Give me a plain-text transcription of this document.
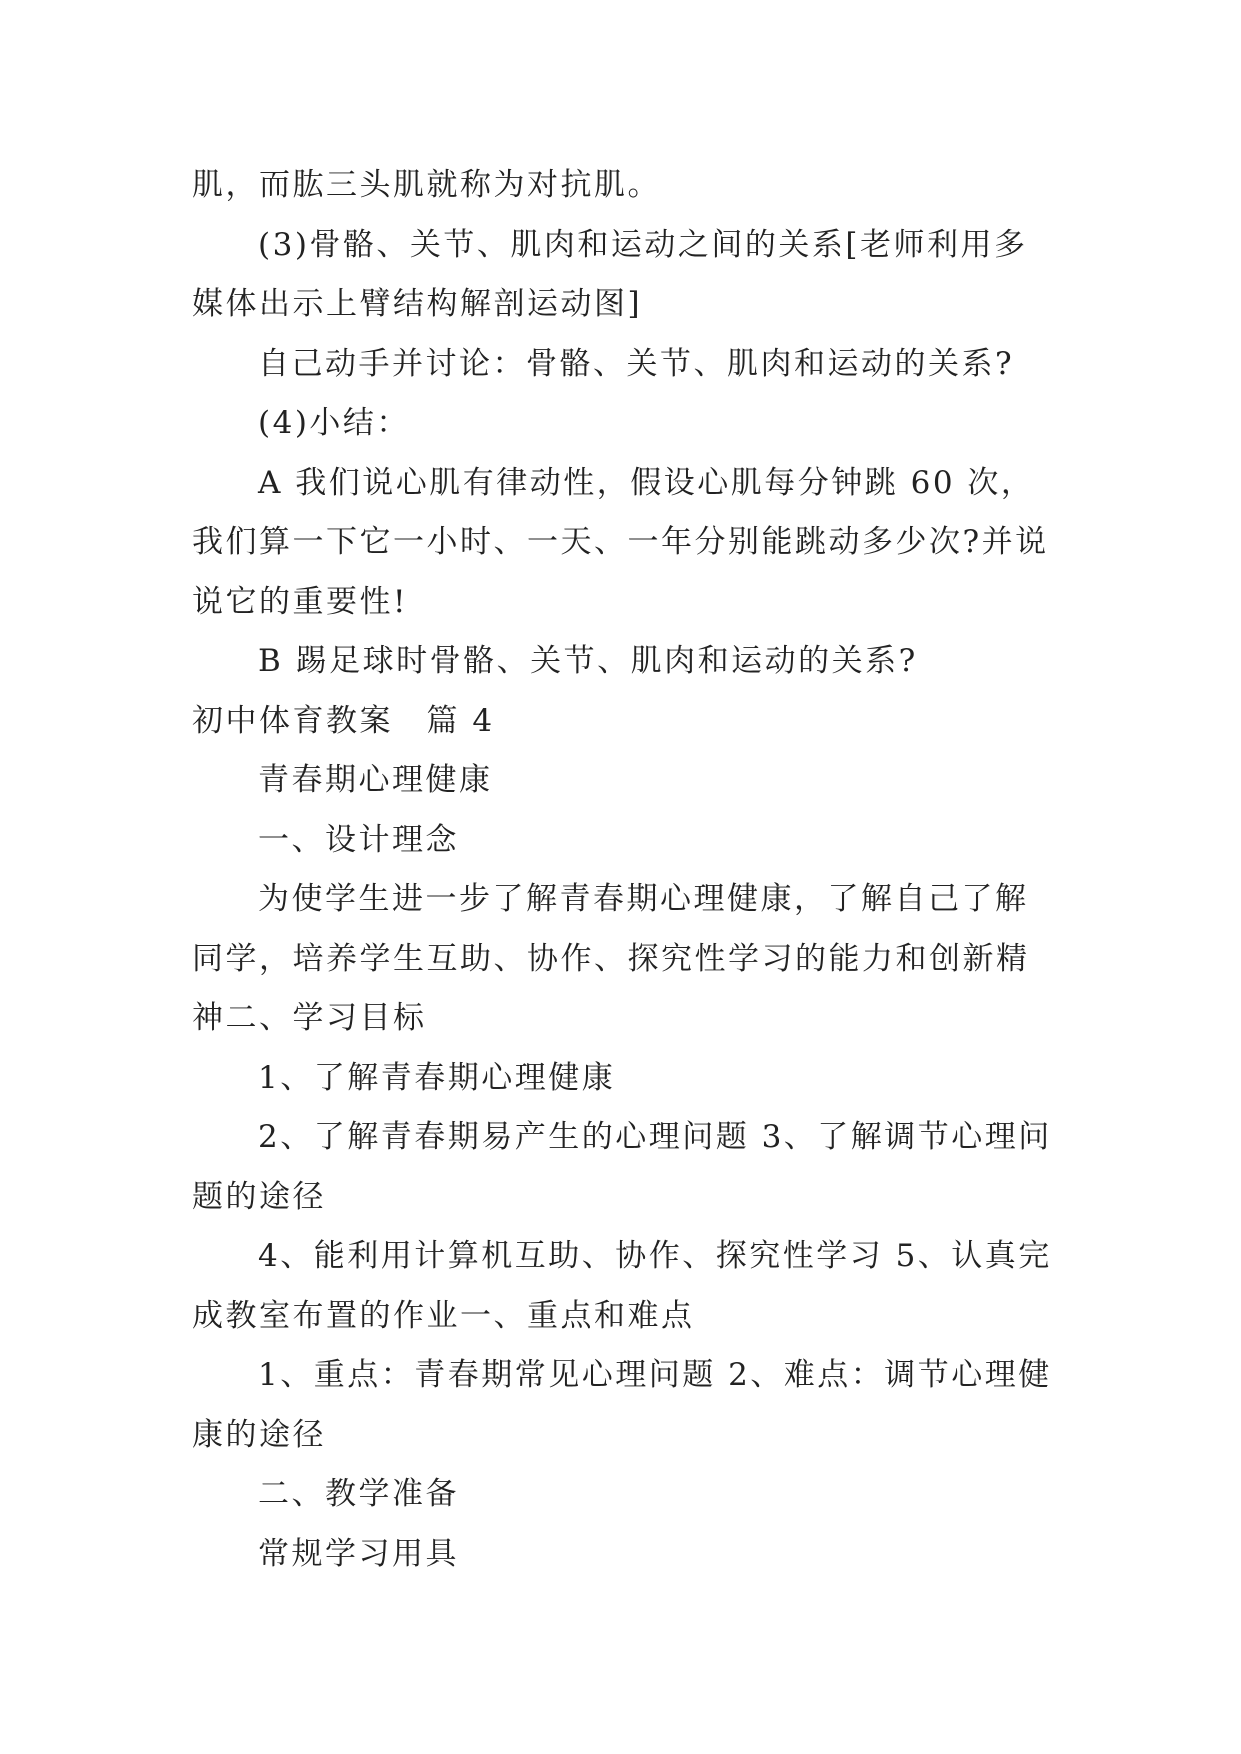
肌，而肱三头肌就称为对抗肌。

(3)骨骼、关节、肌肉和运动之间的关系[老师利用多媒体出示上臂结构解剖运动图]

自己动手并讨论：骨骼、关节、肌肉和运动的关系?

(4)小结：

A 我们说心肌有律动性，假设心肌每分钟跳 60 次，我们算一下它一小时、一天、一年分别能跳动多少次?并说说它的重要性!

B 踢足球时骨骼、关节、肌肉和运动的关系?

初中体育教案　篇 4

青春期心理健康

一、设计理念

为使学生进一步了解青春期心理健康，了解自己了解同学，培养学生互助、协作、探究性学习的能力和创新精神二、学习目标

1、了解青春期心理健康

2、了解青春期易产生的心理问题 3、了解调节心理问题的途径

4、能利用计算机互助、协作、探究性学习 5、认真完成教室布置的作业一、重点和难点

1、重点：青春期常见心理问题 2、难点：调节心理健康的途径

二、教学准备

常规学习用具
